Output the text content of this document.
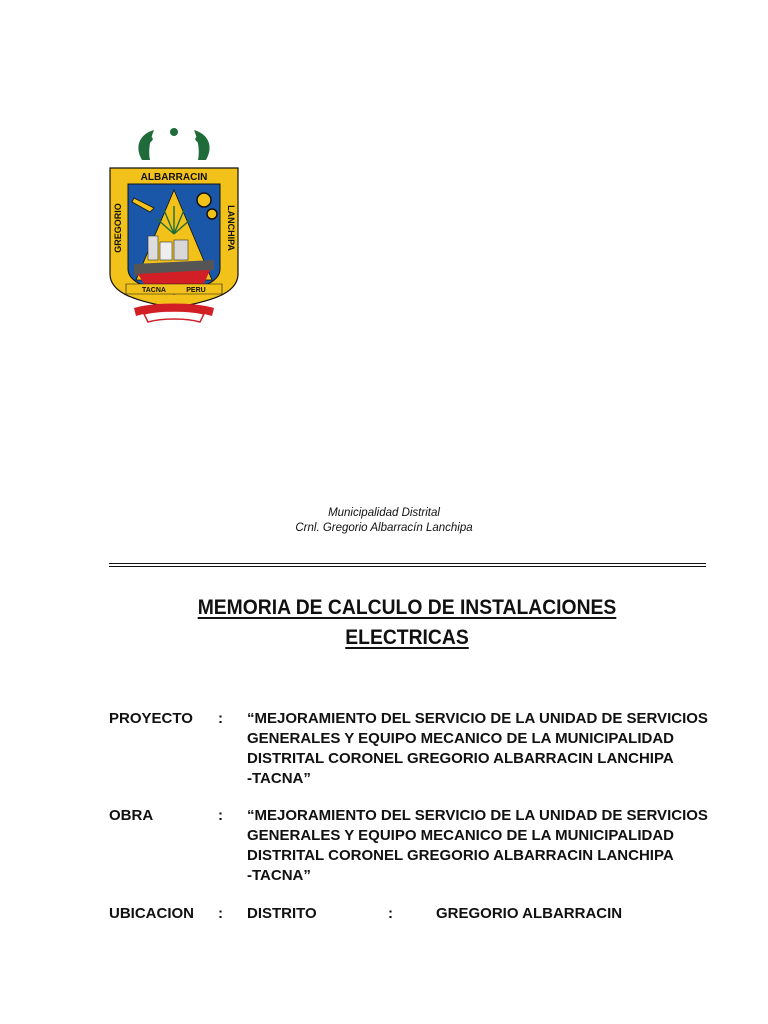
ALBARRACIN
GREGORIO	LANCHIPA
TACNA	PERU
Municipalidad Distrital
Crnl. Gregorio Albarracín Lanchipa
MEMORIA DE CALCULO DE INSTALACIONES
ELECTRICAS
PROYECTO : “MEJORAMIENTO DEL SERVICIO DE LA UNIDAD DE SERVICIOS
GENERALES Y EQUIPO MECANICO DE LA MUNICIPALIDAD
DISTRITAL CORONEL GREGORIO ALBARRACIN LANCHIPA
-TACNA”
OBRA	: “MEJORAMIENTO DEL SERVICIO DE LA UNIDAD DE SERVICIOS
GENERALES Y EQUIPO MECANICO DE LA MUNICIPALIDAD
DISTRITAL CORONEL GREGORIO ALBARRACIN LANCHIPA
-TACNA”
UBICACION : DISTRITO	:	GREGORIO ALBARRACIN
